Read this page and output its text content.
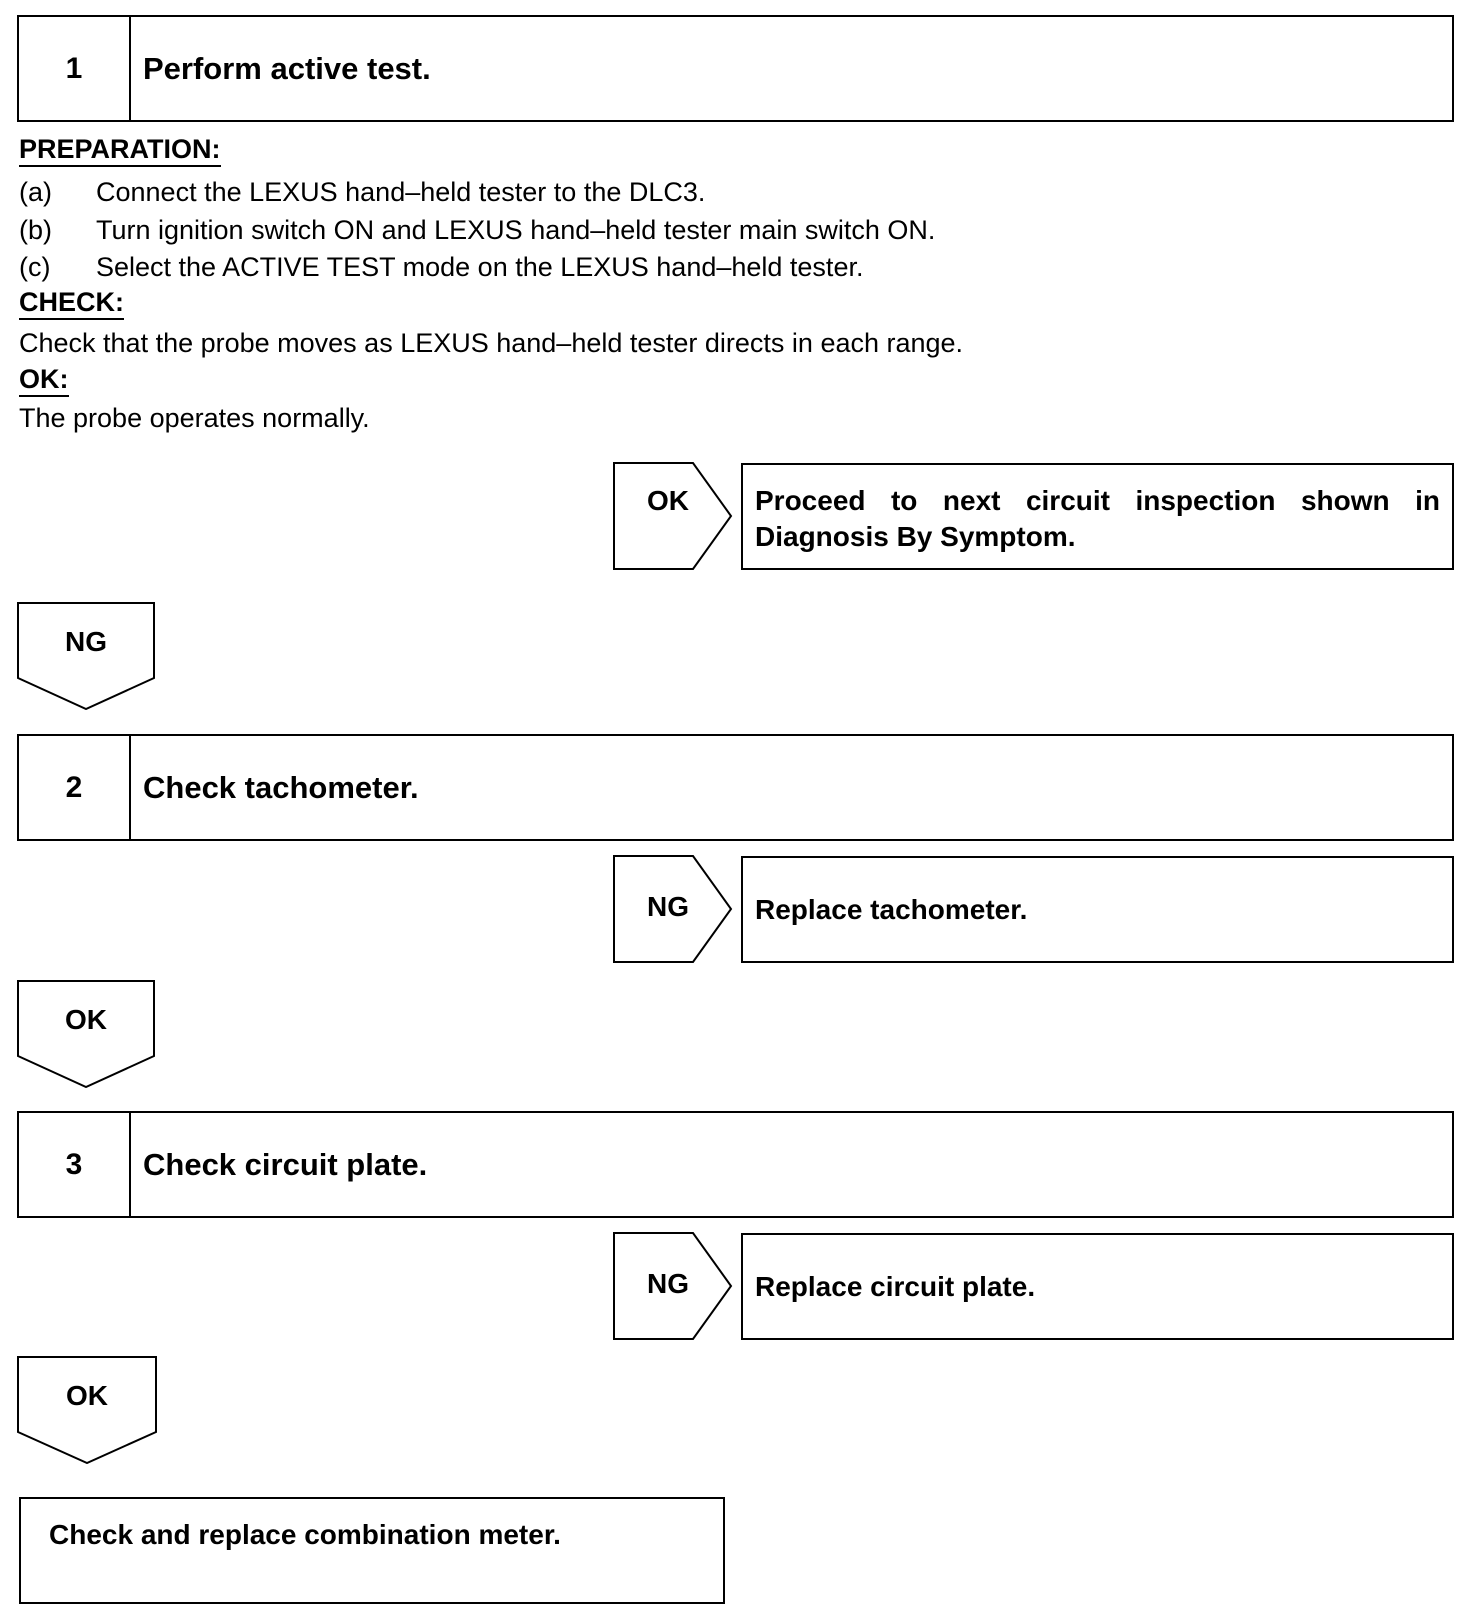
1	Perform active test.
PREPARATION:
(a) Connect the LEXUS hand–held tester to the DLC3.
(b) Turn ignition switch ON and LEXUS hand–held tester main switch ON.
(c) Select the ACTIVE TEST mode on the LEXUS hand–held tester.
CHECK:
Check that the probe moves as LEXUS hand–held tester directs in each range.
OK:
The probe operates normally.
OK	Proceed to next circuit inspection shown in Diagnosis By Symptom.
NG
2	Check tachometer.
NG	Replace tachometer.
OK
3	Check circuit plate.
NG	Replace circuit plate.
OK
Check and replace combination meter.
